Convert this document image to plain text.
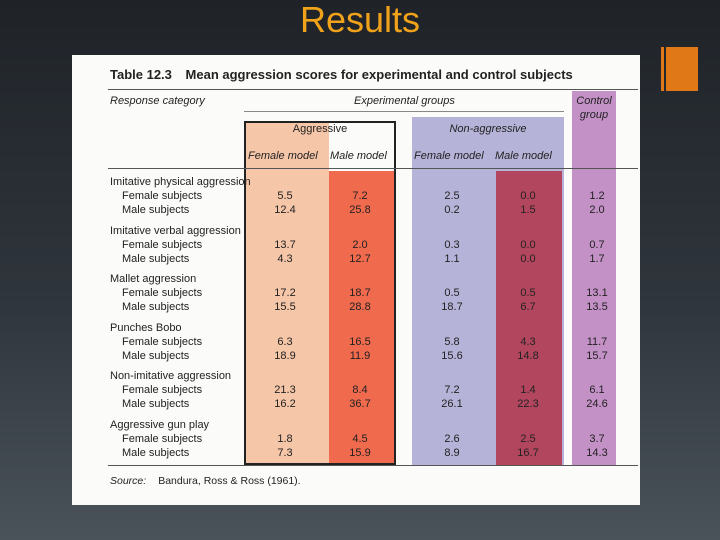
Results
Table 12.3 Mean aggression scores for experimental and control subjects
Response category	Experimental groups	Control group
Aggressive	Non-aggressive
Female model Male model Female model Male model
Imitative physical aggression
Female subjects	5.5	7.2	2.5	0.0	1.2
Male subjects	12.4	25.8	0.2	1.5	2.0
Imitative verbal aggression
Female subjects	13.7	2.0	0.3	0.0	0.7
Male subjects	4.3	12.7	1.1	0.0	1.7
Mallet aggression
Female subjects	17.2	18.7	0.5	0.5	13.1
Male subjects	15.5	28.8	18.7	6.7	13.5
Punches Bobo
Female subjects	6.3	16.5	5.8	4.3	11.7
Male subjects	18.9	11.9	15.6	14.8	15.7
Non-imitative aggression
Female subjects	21.3	8.4	7.2	1.4	6.1
Male subjects	16.2	36.7	26.1	22.3	24.6
Aggressive gun play
Female subjects	1.8	4.5	2.6	2.5	3.7
Male subjects	7.3	15.9	8.9	16.7	14.3
Source: Bandura, Ross & Ross (1961).
